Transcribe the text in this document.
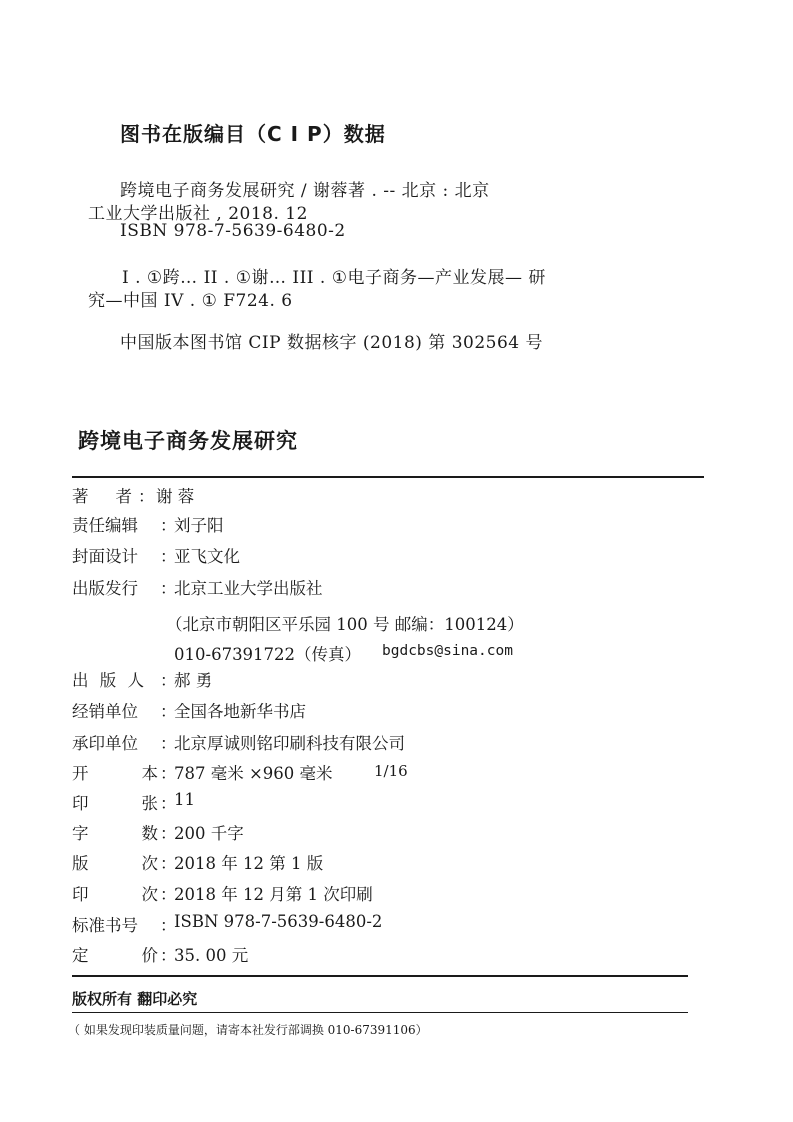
图书在版编目（C I P）数据
跨境电子商务发展研究 / 谢蓉著 . -- 北京 : 北京
工业大学出版社 , 2018. 12
ISBN 978-7-5639-6480-2
I . ①跨… II . ①谢… III . ①电子商务—产业发展— 研
究—中国 IV . ① F724. 6
中国版本图书馆 CIP 数据核字 (2018) 第 302564 号
跨境电子商务发展研究
著 者 ： 谢 蓉
责任编辑	：
刘子阳
封面设计	：
亚飞文化
出版发行	：
北京工业大学出版社
（北京市朝阳区平乐园 100 号 邮编：100124）
010-67391722（传真） bgdcbs@sina.com
出 版 人 ：
郝 勇
经销单位	：
全国各地新华书店
承印单位	：
北京厚诚则铭印刷科技有限公司
开	本 ：
787 毫米 ×960 毫米	1/16
印	张 ：
11
字	数 ：
200 千字
版	次 ：
2018 年 12 第 1 版
印	次 ：
2018 年 12 月第 1 次印刷
标准书号	：
ISBN 978-7-5639-6480-2
定	价 ：
35. 00 元
版权所有 翻印必究
（ 如果发现印装质量问题，请寄本社发行部调换 010-67391106）
